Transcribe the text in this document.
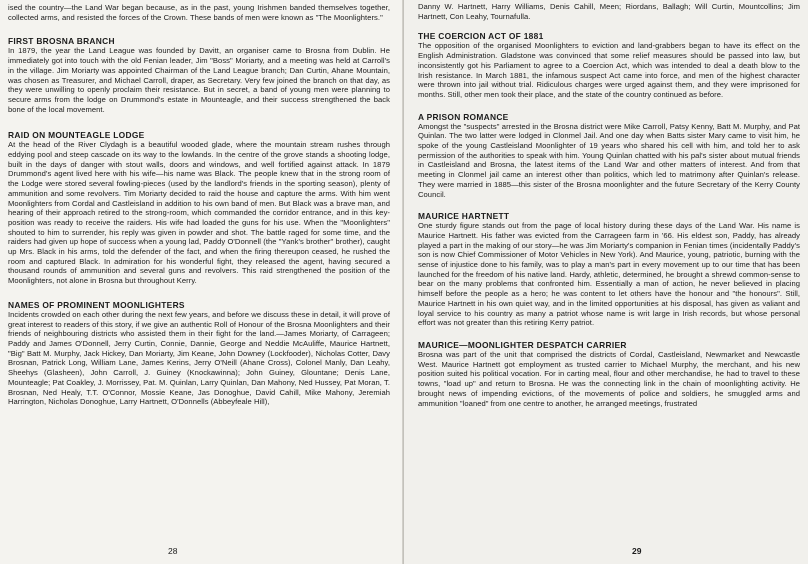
ised the country—the Land War began because, as in the past, young Irishmen banded themselves together, collected arms, and resisted the forces of the Crown. These bands of men were known as "The Moonlighters."

FIRST BROSNA BRANCH

In 1879, the year the Land League was founded by Davitt, an organiser came to Brosna from Dublin. He immediately got into touch with the old Fenian leader, Jim "Boss" Moriarty, and a meeting was held at Carroll's in the village. Jim Moriarty was appointed Chairman of the Land League branch; Dan Curtin, Ahane Mountain, was chosen as Treasurer, and Michael Carroll, draper, as Secretary. Very few joined the branch on that day, as they were unwilling to openly proclaim their resistance. But in secret, a band of young men were planning to secure arms from the lodge on Drummond's estate in Mounteagle, and their success strengthened the back bone of the local movement.

RAID ON MOUNTEAGLE LODGE

At the head of the River Clydagh is a beautiful wooded glade, where the mountain stream rushes through eddying pool and steep cascade on its way to the lowlands. In the centre of the grove stands a shooting lodge, built in the days of danger with stout walls, doors and windows, and well fortified against attack. In 1879 Drummond's agent lived here with his wife—his name was Black. The people knew that in the strong room of the Lodge were stored several fowling-pieces (used by the landlord's friends in the sporting season), plenty of ammunition and some revolvers. Tim Moriarty decided to raid the house and capture the arms. With him went Moonlighters from Cordal and Castleisland in addition to his own band of men. But Black was a brave man, and hearing of their approach retired to the strong-room, which commanded the corridor entrance, and in this key-position was ready to receive the raiders. His wife had loaded the guns for his use. When the "Moonlighters" shouted to him to surrender, his reply was given in powder and shot. The battle raged for some time, and the raiders had given up hope of success when a young lad, Paddy O'Donnell (the "Yank's brother" brother), caught up Mrs. Black in his arms, told the defender of the fact, and when the firing thereupon ceased, he rushed the room and captured Black. In admiration for his wonderful fight, they released the agent, having secured a thousand rounds of ammunition and several guns and revolvers. This raid strengthened the position of the Moonlighters, not alone in Brosna but throughout Kerry.

NAMES OF PROMINENT MOONLIGHTERS

Incidents crowded on each other during the next few years, and before we discuss these in detail, it will prove of great interest to readers of this story, if we give an authentic Roll of Honour of the Brosna Moonlighters and their friends of neighbouring districts who assisted them in their fight for the land.—James Moriarty, of Carrageen; Paddy and James O'Donnell, Jerry Curtin, Connie, Dannie, George and Neddie McAuliffe, Maurice Hartnett, "Big" Batt M. Murphy, Jack Hickey, Dan Moriarty, Jim Keane, John Downey (Lockfooder), Nicholas Cotter, Davy Brosnan, Patrick Long, William Lane, James Kerins, Jerry O'Neill (Ahane Cross), Colonel Manly, Dan Leahy, Sheehys (Glasheen), John Carroll, J. Guiney (Knockawinna); John Guiney, Glountane; Denis Lane, Mounteagle; Pat Coakley, J. Morrissey, Pat. M. Quinlan, Larry Quinlan, Dan Mahony, Ned Hussey, Pat Moran, T. Brosnan, Ned Healy, T.T. O'Connor, Mossie Keane, Jas Donoghue, David Cahill, Mike Mahony, Jeremiah Harrington, Nicholas Donoghue, Larry Hartnett, O'Donnells (Abbeyfeale Hill),

28

Danny W. Hartnett, Harry Williams, Denis Cahill, Meen; Riordans, Ballagh; Will Curtin, Mountcollins; Jim Hartnett, Con Leahy, Tournafulla.

THE COERCION ACT OF 1881

The opposition of the organised Moonlighters to eviction and land-grabbers began to have its effect on the English Administration. Gladstone was convinced that some relief measures should be passed into law, but inconsistently got his Parliament to agree to a Coercion Act, which was intended to deal a death blow to the Irish resistance. In March 1881, the infamous suspect Act came into force, and men of the highest character were thrown into jail without trial. Ridiculous charges were urged against them, and they were imprisoned for months. Still, other men took their place, and the state of the country continued as before.

A PRISON ROMANCE

Amongst the "suspects" arrested in the Brosna district were Mike Carroll, Patsy Kenny, Batt M. Murphy, and Pat Quinlan. The two latter were lodged in Clonmel Jail. And one day when Batts sister Mary came to visit him, he spoke of the young Castleisland Moonlighter of 19 years who shared his cell with him, and told her to ask permission of the authorities to speak with him. Young Quinlan chatted with his pal's sister about mutual friends in Castleisland and Brosna, the latest items of the Land War and other matters of interest. And from that meeting in Clonmel jail came an interest other than politics, which led to matrimony after Quinlan's release. They were married in 1885—this sister of the Brosna moonlighter and the future Secretary of the Kerry County Council.

MAURICE HARTNETT

One sturdy figure stands out from the page of local history during these days of the Land War. His name is Maurice Hartnett. His father was evicted from the Carrageen farm in '66. His eldest son, Paddy, has already played a part in the making of our story—he was Jim Moriarty's companion in Fenian times (incidentally Paddy's son is now Chief Commissioner of Motor Vehicles in New York). And Maurice, young, patriotic, burning with the sense of injustice done to his family, was to play a man's part in every movement up to our time that has been launched for the freedom of his native land. Hardy, athletic, determined, he brought a shrewd common-sense to bear on the many problems that confronted him. Essentially a man of action, he never believed in placing himself before the people as a hero; he was content to let others have the honour and "the honours". Still, Maurice Hartnett in his own quiet way, and in the limited opportunities at his disposal, has given as valiant and loyal service to his country as many a patriot whose name is writ large in Irish records, but whose personal effort was not greater than this retiring Kerry patriot.

MAURICE—MOONLIGHTER DESPATCH CARRIER

Brosna was part of the unit that comprised the districts of Cordal, Castleisland, Newmarket and Newcastle West. Maurice Hartnett got employment as trusted carrier to Michael Murphy, the merchant, and his new position suited his political vocation. For in carting meal, flour and other merchandise, he had to travel to these towns, "load up" and return to Brosna. He was the connecting link in the chain of moonlighting activity. He brought news of impending evictions, of the movements of police and soldiers, he smuggled arms and ammunition "loaned" from one centre to another, he arranged meetings, frustrated

29
